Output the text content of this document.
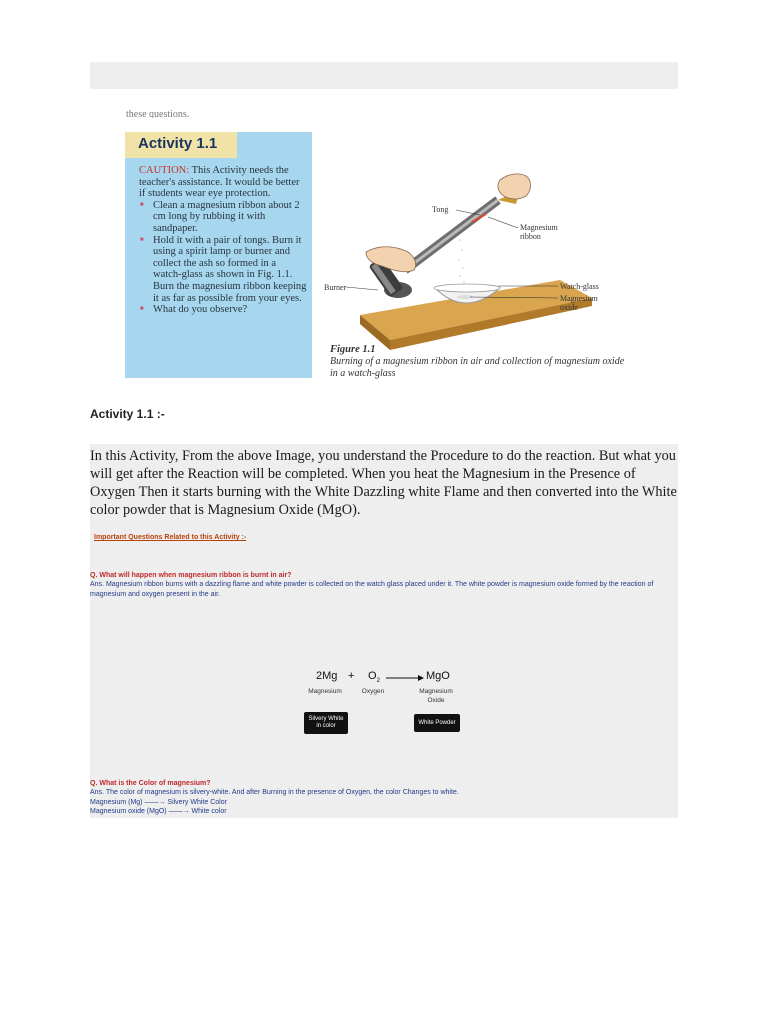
these questions.
Activity 1.1

CAUTION: This Activity needs the teacher's assistance. It would be better if students wear eye protection.

■ Clean a magnesium ribbon about 2 cm long by rubbing it with sandpaper.
■ Hold it with a pair of tongs. Burn it using a spirit lamp or burner and collect the ash so formed in a watch-glass as shown in Fig. 1.1. Burn the magnesium ribbon keeping it as far as possible from your eyes.
■ What do you observe?
Tong
Magnesium
ribbon
Burner	Watch-glass
Magnesium
oxide
Figure 1.1
Burning of a magnesium ribbon in air and collection of magnesium oxide in a watch-glass
Activity 1.1 :-
In this Activity, From the above Image, you understand the Procedure to do the reaction. But what you will get after the Reaction will be completed. When you heat the Magnesium in the Presence of Oxygen Then it starts burning with the White Dazzling white Flame and then converted into the White color powder that is Magnesium Oxide (MgO).
Important Questions Related to this Activity :-
Q. What will happen when magnesium ribbon is burnt in air?
Ans. Magnesium ribbon burns with a dazzling flame and white powder is collected on the watch glass placed under it. The white powder is magnesium oxide formed by the reaction of magnesium and oxygen present in the air.
Q. What is the Color of magnesium?
Ans. The color of magnesium is silvery-white. And after Burning in the presence of Oxygen, the color Changes to white.
Magnesium (Mg) ——→ Silvery White Color
Magnesium oxide (MgO) ——→ White color
$2Mg + O_2$ → MgO
Magnesium	Oxygen	Magnesium
Oxide
Silvery White
in color	White Powder
